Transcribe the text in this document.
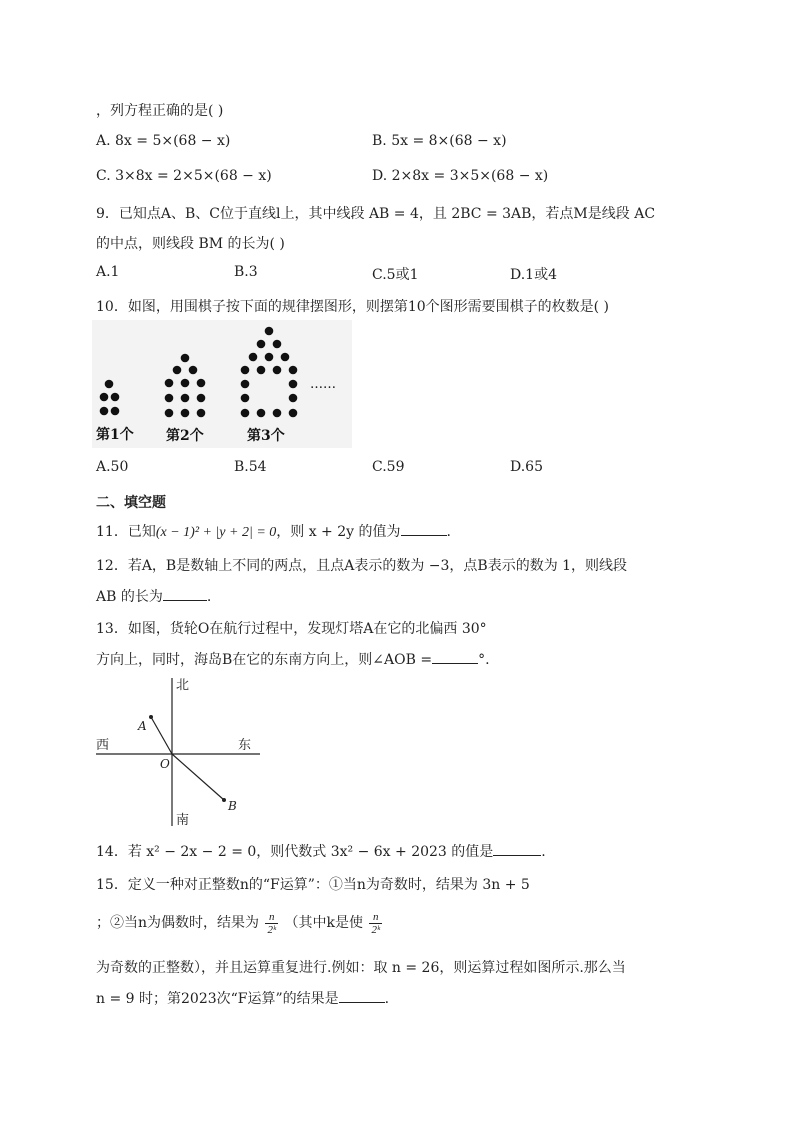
，列方程正确的是( )
A. 8x = 5×(68 − x)	B. 5x = 8×(68 − x)
C. 3×8x = 2×5×(68 − x)	D. 2×8x = 3×5×(68 − x)
9．已知点A、B、C位于直线l上，其中线段 AB = 4，且 2BC = 3AB，若点M是线段 AC
的中点，则线段 BM 的长为( )
A.1	B.3	C.5或1	D.1或4
10．如图，用围棋子按下面的规律摆图形，则摆第10个图形需要围棋子的枚数是( )
……
第1个 第2个	第3个
A.50	B.54	C.59	D.65
二、填空题
11．已知(x − 1)² + |y + 2| = 0，则 x + 2y 的值为	.
12．若A，B是数轴上不同的两点，且点A表示的数为 −3，点B表示的数为 1，则线段
AB 的长为	.
13．如图，货轮O在航行过程中，发现灯塔A在它的北偏西 30°
方向上，同时，海岛B在它的东南方向上，则∠AOB =	°.
北
南
西	东
O
A
B
14．若 x² − 2x − 2 = 0，则代数式 3x² − 6x + 2023 的值是	.
15．定义一种对正整数n的“F运算”：①当n为奇数时，结果为 3n + 5
；②当n为偶数时，结果为 $\frac{n}{\text{2ᵏ}}$ （其中k是使 $\frac{n}{\text{2ᵏ}}$
为奇数的正整数），并且运算重复进行.例如：取 n = 26，则运算过程如图所示.那么当
n = 9 时；第2023次“F运算”的结果是	.
